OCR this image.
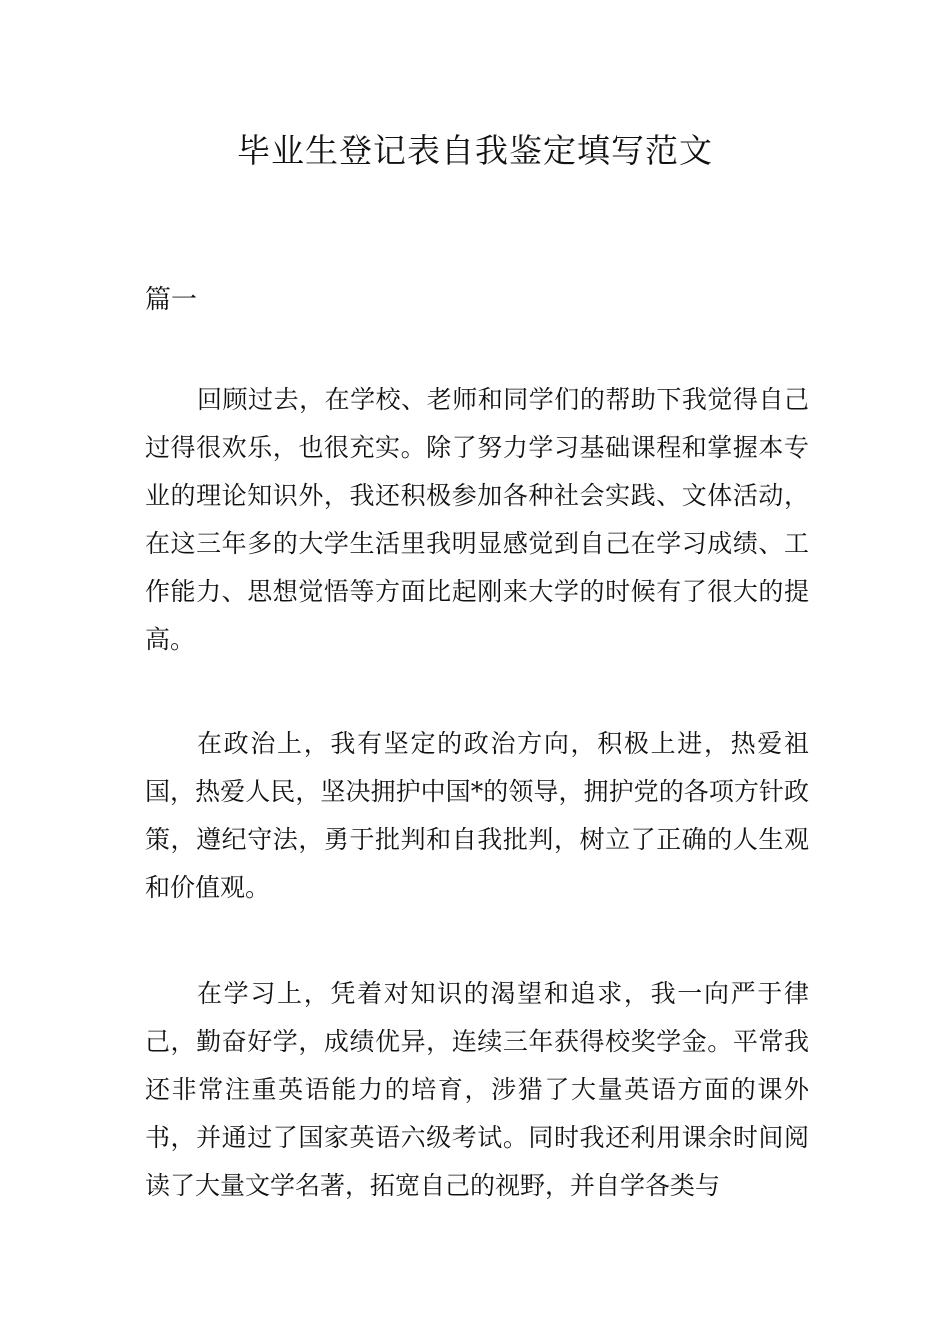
毕业生登记表自我鉴定填写范文

篇一

回顾过去，在学校、老师和同学们的帮助下我觉得自己过得很欢乐，也很充实。除了努力学习基础课程和掌握本专业的理论知识外，我还积极参加各种社会实践、文体活动，在这三年多的大学生活里我明显感觉到自己在学习成绩、工作能力、思想觉悟等方面比起刚来大学的时候有了很大的提高。

在政治上，我有坚定的政治方向，积极上进，热爱祖国，热爱人民，坚决拥护中国*的领导，拥护党的各项方针政策，遵纪守法，勇于批判和自我批判，树立了正确的人生观和价值观。

在学习上，凭着对知识的渴望和追求，我一向严于律己，勤奋好学，成绩优异，连续三年获得校奖学金。平常我还非常注重英语能力的培育，涉猎了大量英语方面的课外书，并通过了国家英语六级考试。同时我还利用课余时间阅读了大量文学名著，拓宽自己的视野，并自学各类与
